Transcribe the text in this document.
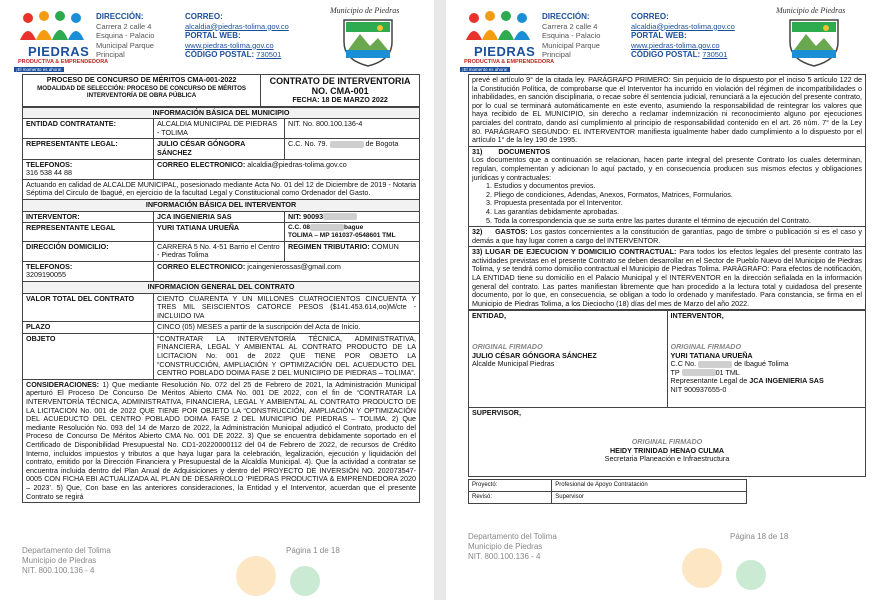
PIEDRAS
PRODUCTIVA & EMPRENDEDORA
¡El momento es ahora!
DIRECCIÓN:
Carrera 2 calle 4 Esquina - Palacio Municipal Parque Principal
CORREO:
alcaldia@piedras-tolima.gov.co
PORTAL WEB:
www.piedras-tolima.gov.co
CÓDIGO POSTAL: 730501
Municipio de Piedras
PROCESO DE CONCURSO DE MÉRITOS CMA-001-2022
MODALIDAD DE SELECCIÓN: PROCESO DE CONCURSO DE MÉRITOS INTERVENTORÍA DE OBRA PÚBLICA

CONTRATO DE INTERVENTORIA NO. CMA-001
FECHA: 18 DE MARZO 2022
INFORMACIÓN BÁSICA DEL MUNICIPIO		
ENTIDAD CONTRATANTE:	ALCALDIA MUNICIPAL DE PIEDRAS - TOLIMA	NIT. No. 800.100.136-4
REPRESENTANTE LEGAL:	JULIO CÉSAR GÓNGORA SÁNCHEZ	C.C. No. 79. de Bogota

TELEFONOS:
316 538 44 88	CORREO ELECTRONICO: alcaldia@piedras-tolima.gov.co	
Actuando en calidad de ALCALDE MUNICIPAL, posesionado mediante Acta No. 01 del 12 de Diciembre de 2019 - Notaria Séptima del Circulo de Ibagué, en ejercicio de la facultad Legal y Constitucional como Ordenador del Gasto.		
INFORMACIÓN BÁSICA DEL INTERVENTOR		
INTERVENTOR:	JCA INGENIERIA SAS	NIT: 90093
REPRESENTANTE LEGAL	YURI TATIANA URUEÑA	C.C. 08 bague
TOLIMA – MP 161037-0548601 TML
DIRECCIÓN DOMICILIO:	CARRERA 5 No. 4-51 Barrio el Centro - Piedras Tolima	REGIMEN TRIBUTARIO: COMUN

TELEFONOS:
3209190055	CORREO ELECTRONICO: jcaingenierossas@gmail.com	
INFORMACION GENERAL DEL CONTRATO		
VALOR TOTAL DEL CONTRATO	CIENTO CUARENTA Y UN MILLONES CUATROCIENTOS CINCUENTA Y TRES MIL SEISCIENTOS CATORCE PESOS ($141.453.614,oo)M/cte - INCLUIDO IVA	
PLAZO	CINCO (05) MESES a partir de la suscripción del Acta de Inicio.	
OBJETO	“CONTRATAR LA INTERVENTORÍA TÉCNICA, ADMINISTRATIVA, FINANCIERA, LEGAL Y AMBIENTAL AL CONTRATO PRODUCTO DE LA LICITACION No. 001 de 2022 QUE TIENE POR OBJETO LA “CONSTRUCCIÓN, AMPLIACIÓN Y OPTIMIZACIÓN DEL ACUEDUCTO DEL CENTRO POBLADO DOIMA FASE 2 DEL MUNICIPIO DE PIEDRAS – TOLIMA”.	
CONSIDERACIONES: 1) Que mediante Resolución No. 072 del 25 de Febrero de 2021, la Administración Municipal aperturó El Proceso De Concurso De Méritos Abierto CMA No. 001 DE 2022, con el fin de “CONTRATAR LA INTERVENTORÍA TÉCNICA, ADMINISTRATIVA, FINANCIERA, LEGAL Y AMBIENTAL AL CONTRATO PRODUCTO DE LA LICITACION No. 001 de 2022 QUE TIENE POR OBJETO LA “CONSTRUCCIÓN, AMPLIACIÓN Y OPTIMIZACIÓN DEL ACUEDUCTO DEL CENTRO POBLADO DOIMA FASE 2 DEL MUNICIPIO DE PIEDRAS – TOLIMA. 2) Que mediante Resolución No. 093 del 14 de Marzo de 2022, la Administración Municipal adjudicó el Contrato, producto del Proceso de Concurso De Méritos Abierto CMA No. 001 DE 2022. 3) Que se encuentra debidamente soportado en el Certificado de Disponibilidad Presupuestal No. CD1-20220000112 del 04 de Febrero de 2022, de recursos de Crédito Interno, incluidos impuestos y tributos a que haya lugar para la celebración, legalización, ejecución y liquidación del contrato, emitido por la Dirección Financiera y Presupuestal de la Alcaldía Municipal. 4). Que la actividad a contratar se encuentra incluida dentro del Plan Anual de Adquisiciones y dentro del PROYECTO DE INVERSIÓN NO. 202073547-0005 CON FICHA EBI ACTUALIZADA AL PLAN DE DESARROLLO ‘PIEDRAS PRODUCTIVA & EMPRENDEDORA 2020 – 2023’. 5) Que, Con base en las anteriores consideraciones, la Entidad y el Interventor, acuerdan que el presente Contrato se regirá		
Departamento del Tolima
Municipio de Piedras
NIT. 800.100.136 - 4
Página 1 de 18
PIEDRAS
PRODUCTIVA & EMPRENDEDORA
¡El momento es ahora!
DIRECCIÓN:
Carrera 2 calle 4 Esquina - Palacio Municipal Parque Principal
CORREO:
alcaldia@piedras-tolima.gov.co
PORTAL WEB:
www.piedras-tolima.gov.co
CÓDIGO POSTAL: 730501
Municipio de Piedras
prevé el artículo 9° de la citada ley. PARÁGRAFO PRIMERO: Sin perjuicio de lo dispuesto por el inciso 5 artículo 122 de la Constitución Política, de comprobarse que el Interventor ha incurrido en violación del régimen de incompatibilidades o inhabilidades, en sanción disciplinaria, o recae sobre él sentencia judicial, renunciará a la ejecución del presente contrato, por lo cual se terminará automáticamente en este evento, asumiendo la responsabilidad de reintegrar los valores que haya recibido de EL MUNICIPIO, sin derecho a reclamar indemnización ni reconocimiento alguno por ejecuciones parciales del contrato, dando así cumplimiento al principio de responsabilidad contenido en el art. 26 núm. 7° de la Ley 80. PARÁGRAFO SEGUNDO: EL INTERVENTOR manifiesta igualmente haber dado cumplimiento a lo dispuesto por el artículo 1° de la ley 190 de 1995.
31) DOCUMENTOS
Los documentos que a continuación se relacionan, hacen parte integral del presente Contrato los cuales determinan, regulan, complementan y adicionan lo aquí pactado, y en consecuencia producen sus mismos efectos y obligaciones jurídicas y contractuales:
1. Estudios y documentos previos.
2. Pliego de condiciones, Adendas, Anexos, Formatos, Matrices, Formularios.
3. Propuesta presentada por el Interventor.
4. Las garantías debidamente aprobadas.
5. Toda la correspondencia que se surta entre las partes durante el término de ejecución del Contrato.

32) GASTOS: Los gastos concernientes a la constitución de garantías, pago de timbre o publicación si es el caso y demás a que hay lugar corren a cargo del INTERVENTOR.
33) LUGAR DE EJECUCION Y DOMICILIO CONTRACTUAL: Para todos los efectos legales del presente contrato las actividades previstas en el presente Contrato se deben desarrollar en el Sector de Pueblo Nuevo del Municipio de Piedras Tolima, y se tendrá como domicilio contractual el Municipio de Piedras Tolima. PARÁGRAFO: Para efectos de notificación, LA ENTIDAD tiene su domicilio en el Palacio Municipal y el INTERVENTOR en la dirección señalada en la información general del contrato. Las partes manifiestan libremente que han procedido a la lectura total y cuidadosa del presente documento, por lo que, en consecuencia, se obligan a todo lo ordenado y manifestado. Para constancia, se firma en el Municipio de Piedras Tolima, a los Dieciocho (18) días del mes de Marzo del año 2022.
ENTIDAD,
ORIGINAL FIRMADO
JULIO CÉSAR GÓNGORA SÁNCHEZ
Alcalde Municipal Piedras

INTERVENTOR,
ORIGINAL FIRMADO
YURI TATIANA URUEÑA
C.C No.	de Ibagué Tolima
TP	01 TML
Representante Legal de JCA INGENIERIA SAS
NIT 900937655-0

SUPERVISOR,
ORIGINAL FIRMADO
HEIDY TRINIDAD HENAO CULMA
Secretaria Planeación e Infraestructura
Proyectó:	Profesional de Apoyo Contratación
Revisó:	Supervisor
Departamento del Tolima
Municipio de Piedras
NIT. 800.100.136 - 4
Página 18 de 18
